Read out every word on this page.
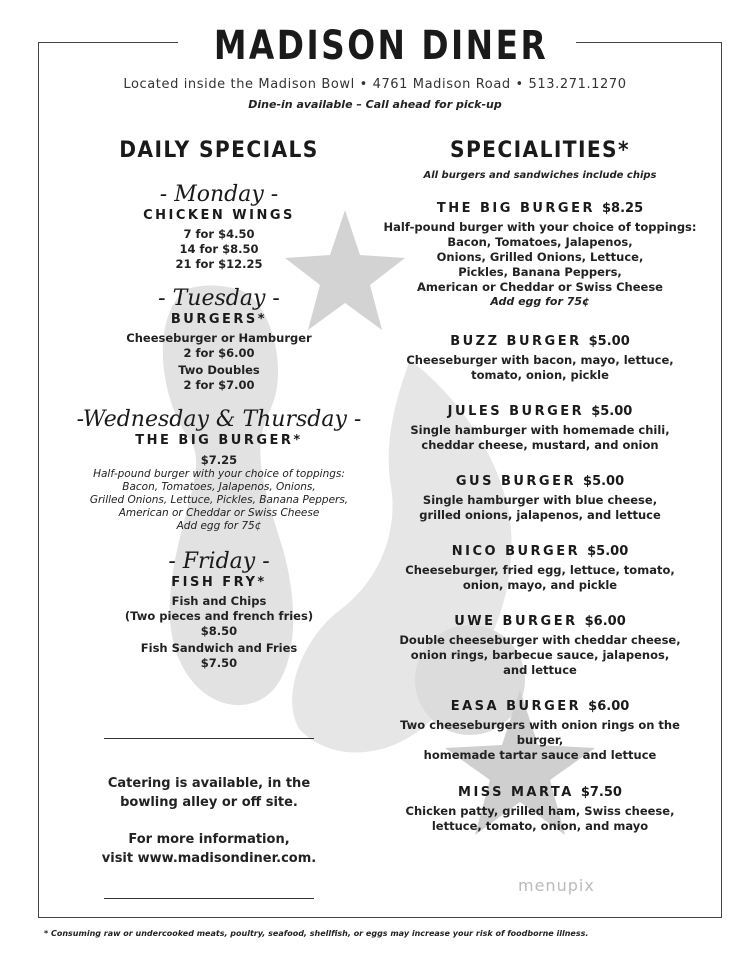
MADISON DINER
Located inside the Madison Bowl • 4761 Madison Road • 513.271.1270
Dine-in available – Call ahead for pick-up
DAILY SPECIALS
- Monday -
CHICKEN WINGS
7 for $4.50
14 for $8.50
21 for $12.25
- Tuesday -
BURGERS*
Cheeseburger or Hamburger
2 for $6.00
Two Doubles
2 for $7.00
-Wednesday & Thursday -
THE BIG BURGER*
$7.25
Half-pound burger with your choice of toppings:
Bacon, Tomatoes, Jalapenos, Onions,
Grilled Onions, Lettuce, Pickles, Banana Peppers,
American or Cheddar or Swiss Cheese
Add egg for 75¢
- Friday -
FISH FRY*
Fish and Chips
(Two pieces and french fries)
$8.50
Fish Sandwich and Fries
$7.50
Catering is available, in the
bowling alley or off site.
For more information,
visit www.madisondiner.com.
SPECIALITIES*
All burgers and sandwiches include chips
THE BIG BURGER $8.25
Half-pound burger with your choice of toppings:
Bacon, Tomatoes, Jalapenos,
Onions, Grilled Onions, Lettuce,
Pickles, Banana Peppers,
American or Cheddar or Swiss Cheese
Add egg for 75¢
BUZZ BURGER $5.00
Cheeseburger with bacon, mayo, lettuce,
tomato, onion, pickle
JULES BURGER $5.00
Single hamburger with homemade chili,
cheddar cheese, mustard, and onion
GUS BURGER $5.00
Single hamburger with blue cheese,
grilled onions, jalapenos, and lettuce
NICO BURGER $5.00
Cheeseburger, fried egg, lettuce, tomato,
onion, mayo, and pickle
UWE BURGER $6.00
Double cheeseburger with cheddar cheese,
onion rings, barbecue sauce, jalapenos,
and lettuce
EASA BURGER $6.00
Two cheeseburgers with onion rings on the burger,
homemade tartar sauce and lettuce
MISS MARTA $7.50
Chicken patty, grilled ham, Swiss cheese,
lettuce, tomato, onion, and mayo
menupix
* Consuming raw or undercooked meats, poultry, seafood, shellfish, or eggs may increase your risk of foodborne illness.
